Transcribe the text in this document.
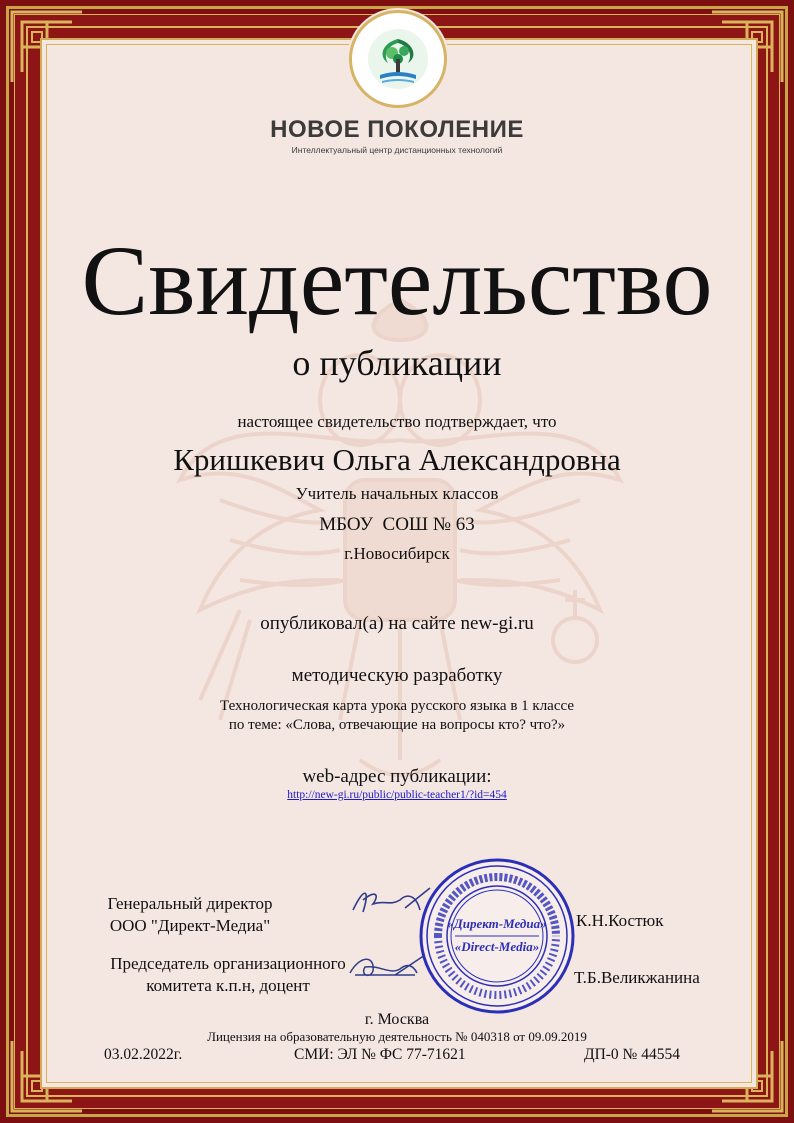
НОВОЕ ПОКОЛЕНИЕ
Интеллектуальный центр дистанционных технологий
Свидетельство
о публикации
настоящее свидетельство подтверждает, что
Кришкевич Ольга Александровна
Учитель начальных классов
МБОУ  СОШ № 63
г.Новосибирск
опубликовал(а) на сайте new-gi.ru
методическую разработку
Технологическая карта урока русского языка в 1 классе
по теме: «Слова, отвечающие на вопросы кто? что?»
web-адрес публикации:
http://new-gi.ru/public/public-teacher1/?id=454
Генеральный директор
ООО "Директ-Медиа"
Председатель организационного
комитета к.п.н, доцент
«Директ-Медиа»
«Direct-Media»
К.Н.Костюк
Т.Б.Великжанина
г. Москва
Лицензия на образовательную деятельность № 040318 от 09.09.2019
03.02.2022г.	СМИ: ЭЛ № ФС 77-71621	ДП-0 № 44554
